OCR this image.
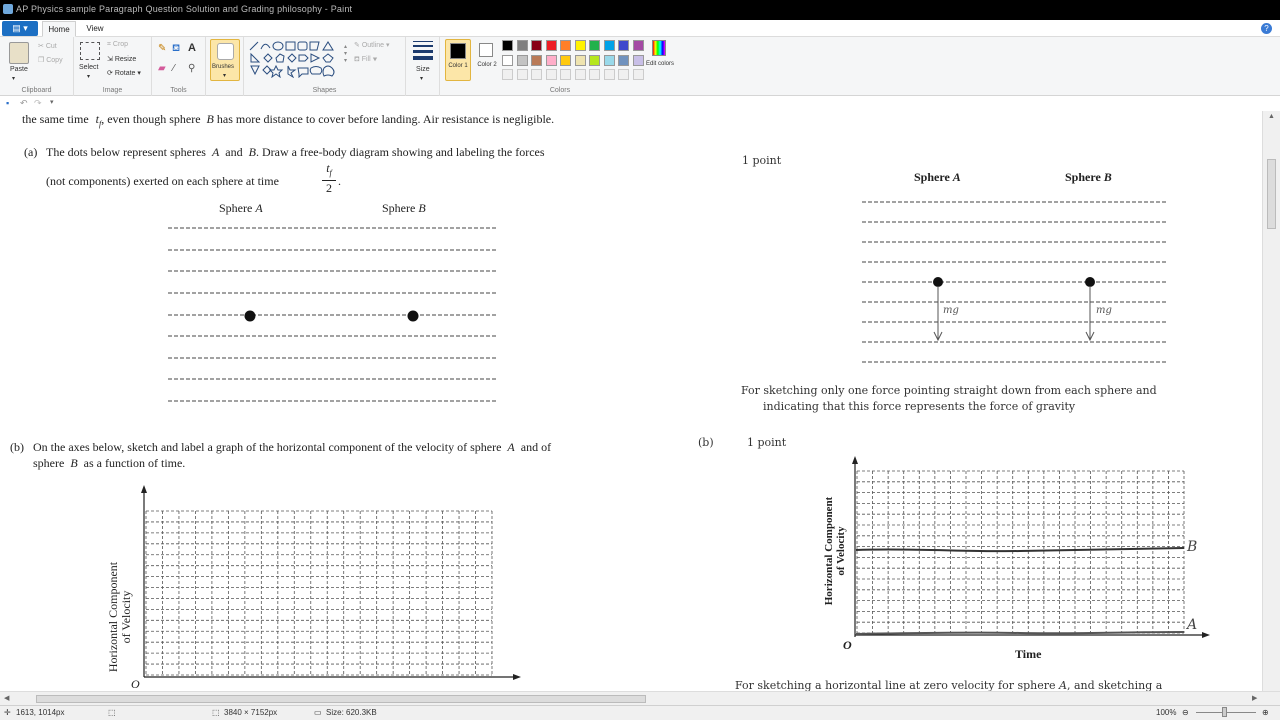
AP Physics sample Paragraph Question Solution and Grading philosophy - Paint
▤ ▾	Home	View	?
Paste
▾
✂ Cut
❐ Copy
Clipboard
Select
▾
⌗ Crop
⇲ Resize
⟳ Rotate ▾
Image
✎ ⛾ A
▰ ⁄ ⚲
Tools
Brushes
▾
▴
▾
▾
✎ Outline ▾
⛾ Fill ▾
Shapes
Size
▾
Color 1	Color 2	Edit colors
Colors
▪ ↶ ↷ ▾
the same time $t_f$, even though sphere B has more distance to cover before landing. Air resistance is negligible.
(a) The dots below represent spheres A and B. Draw a free-body diagram showing and labeling the forces
(not components) exerted on each sphere at time
$t_f$
2
.
Sphere A	Sphere B
(b) On the axes below, sketch and label a graph of the horizontal component of the velocity of sphere A and of
sphere B as a function of time.
Horizontal Component of Velocity
O
1 point
Sphere A	Sphere B
mg	mg
For sketching only one force pointing straight down from each sphere and
indicating that this force represents the force of gravity
(b)	1 point
Horizontal Component of Velocity
O
Time
B
A
For sketching a horizontal line at zero velocity for sphere A, and sketching a
▲
◀	▶
✛ 1613, 1014px	⬚	⬚ 3840 × 7152px	▭ Size: 620.3KB	100% ⊖	⊕
